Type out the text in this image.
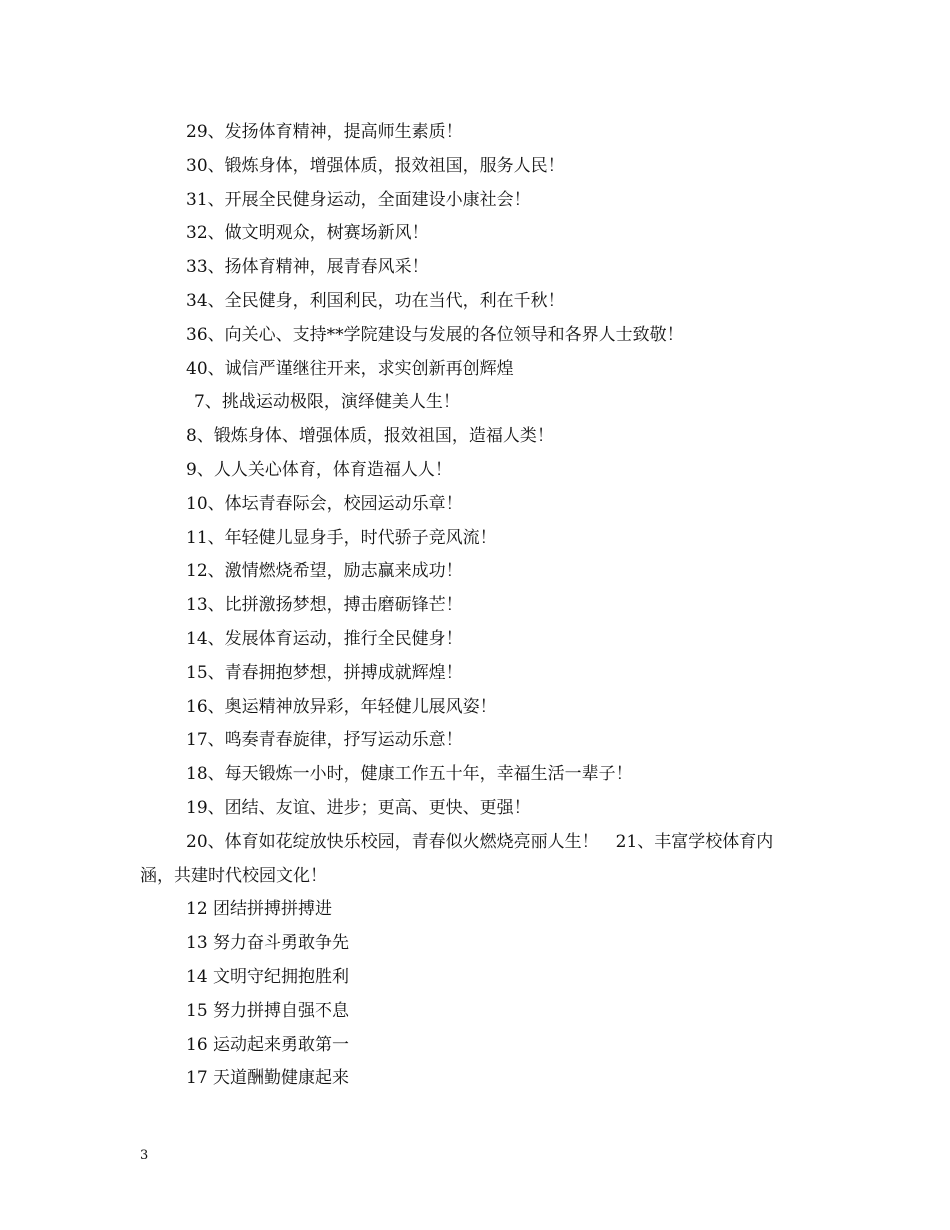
29、发扬体育精神，提高师生素质！
30、锻炼身体，增强体质，报效祖国，服务人民！
31、开展全民健身运动，全面建设小康社会！
32、做文明观众，树赛场新风！
33、扬体育精神，展青春风采！
34、全民健身，利国利民，功在当代，利在千秋！
36、向关心、支持**学院建设与发展的各位领导和各界人士致敬！
40、诚信严谨继往开来，求实创新再创辉煌
7、挑战运动极限，演绎健美人生！
8、锻炼身体、增强体质，报效祖国，造福人类！
9、人人关心体育，体育造福人人！
10、体坛青春际会，校园运动乐章！
11、年轻健儿显身手，时代骄子竞风流！
12、激情燃烧希望，励志赢来成功！
13、比拼激扬梦想，搏击磨砺锋芒！
14、发展体育运动，推行全民健身！
15、青春拥抱梦想，拼搏成就辉煌！
16、奥运精神放异彩，年轻健儿展风姿！
17、鸣奏青春旋律，抒写运动乐意！
18、每天锻炼一小时，健康工作五十年，幸福生活一辈子！
19、团结、友谊、进步；更高、更快、更强！
20、体育如花绽放快乐校园，青春似火燃烧亮丽人生！　21、丰富学校体育内
涵，共建时代校园文化！
12 团结拼搏拼搏进
13 努力奋斗勇敢争先
14 文明守纪拥抱胜利
15 努力拼搏自强不息
16 运动起来勇敢第一
17 天道酬勤健康起来
3
